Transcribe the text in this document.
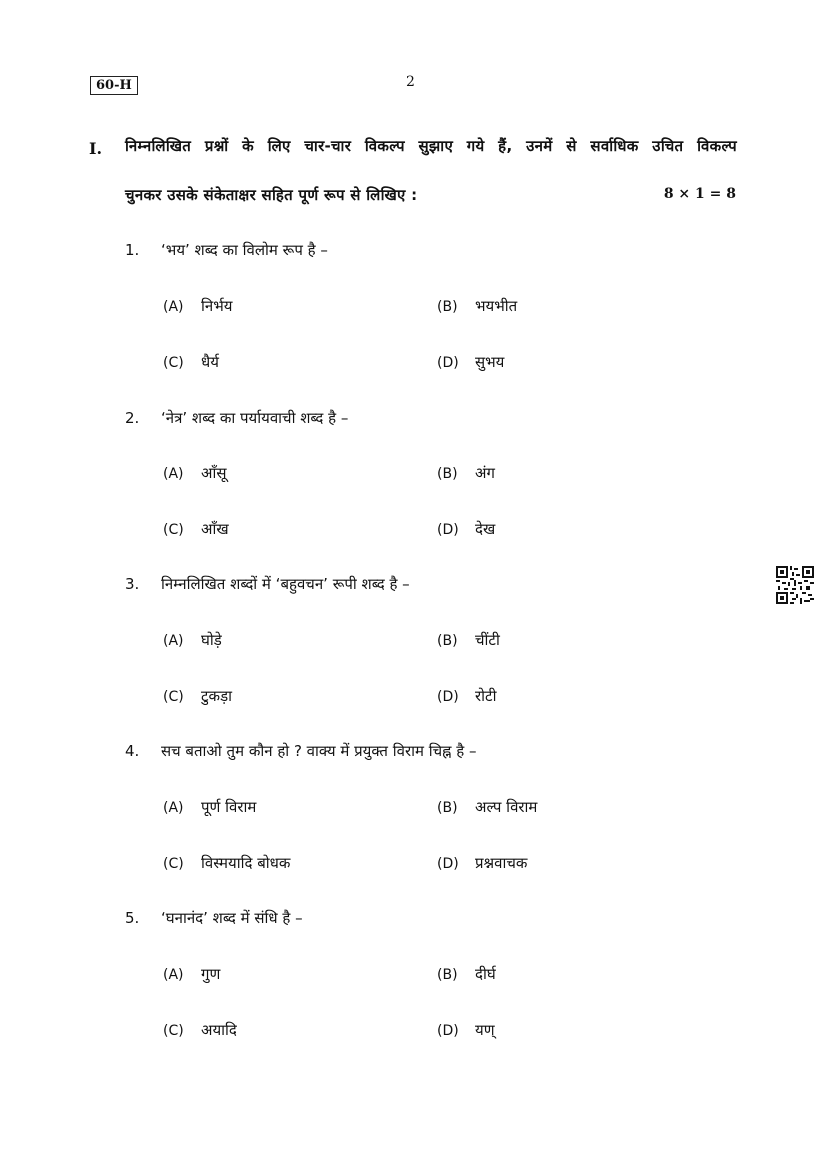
60-H	2
I. निम्नलिखित प्रश्नों के लिए चार-चार विकल्प सुझाए गये हैं, उनमें से सर्वाधिक उचित विकल्प
चुनकर उसके संकेताक्षर सहित पूर्ण रूप से लिखिए :	8 × 1 = 8
1. ‘भय’ शब्द का विलोम रूप है –
(A) निर्भय	(B) भयभीत
(C) धैर्य	(D) सुभय
2. ‘नेत्र’ शब्द का पर्यायवाची शब्द है –
(A) आँसू	(B) अंग
(C) आँख	(D) देख
3. निम्नलिखित शब्दों में ‘बहुवचन’ रूपी शब्द है –
(A) घोड़े	(B) चींटी
(C) टुकड़ा	(D) रोटी
4. सच बताओ तुम कौन हो ? वाक्य में प्रयुक्त विराम चिह्न है –
(A) पूर्ण विराम	(B) अल्प विराम
(C) विस्मयादि बोधक	(D) प्रश्नवाचक
5. ‘घनानंद’ शब्द में संधि है –
(A) गुण	(B) दीर्घ
(C) अयादि	(D) यण्
